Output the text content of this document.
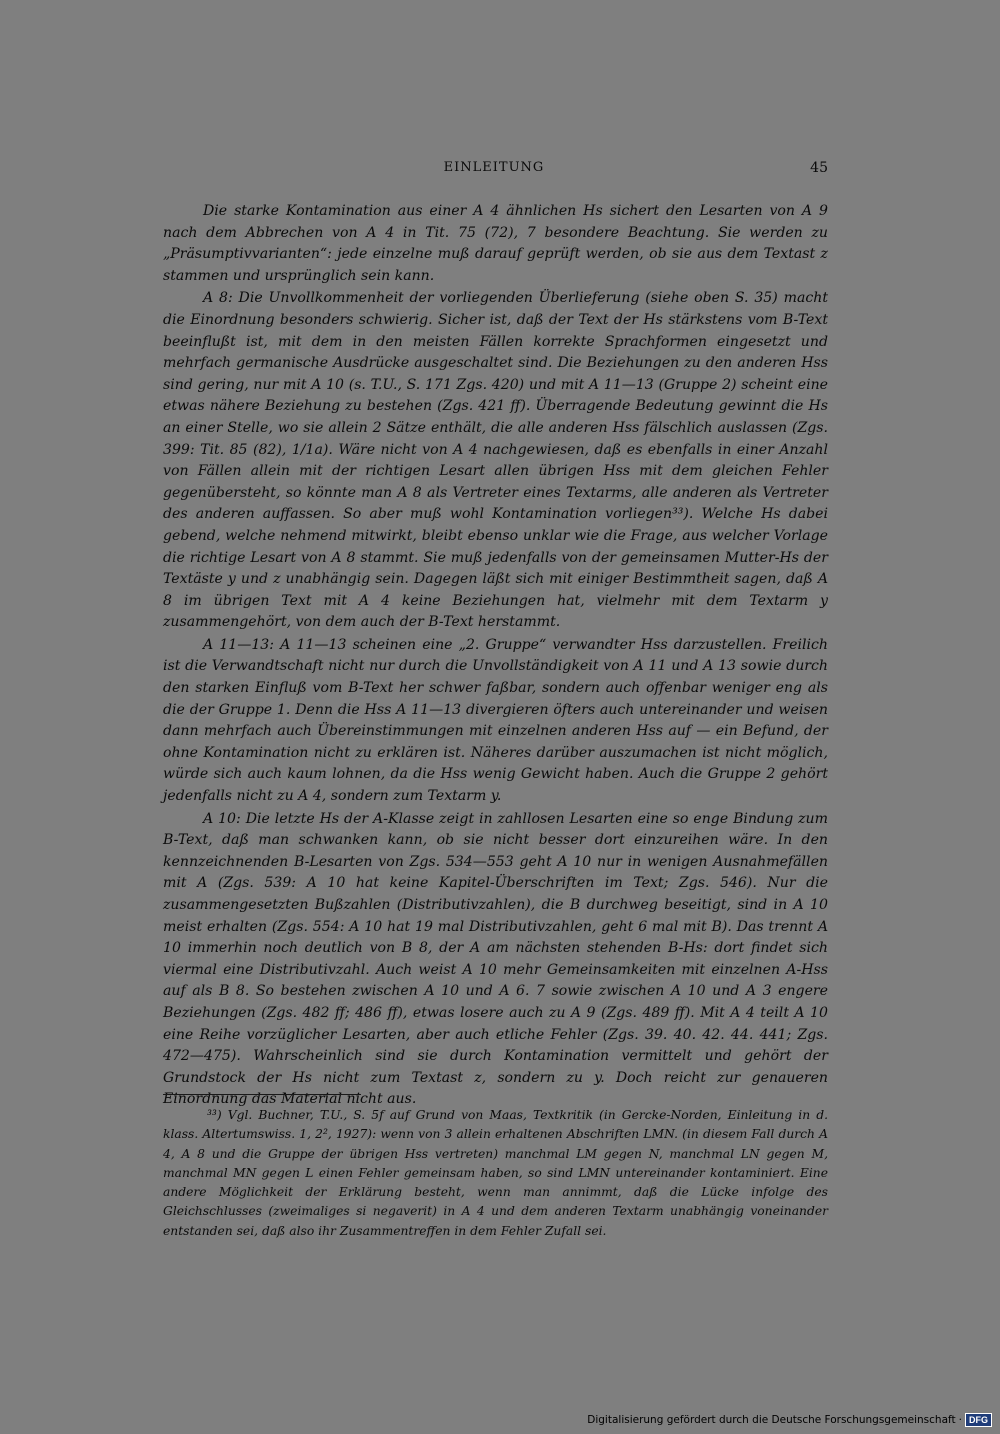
EINLEITUNG	45

Die starke Kontamination aus einer A 4 ähnlichen Hs sichert den Lesarten von A 9 nach dem Abbrechen von A 4 in Tit. 75 (72), 7 besondere Beachtung. Sie werden zu „Präsumptivvarianten“: jede einzelne muß darauf geprüft werden, ob sie aus dem Textast z stammen und ursprünglich sein kann.

A 8: Die Unvollkommenheit der vorliegenden Überlieferung (siehe oben S. 35) macht die Einordnung besonders schwierig. Sicher ist, daß der Text der Hs stärkstens vom B-Text beeinflußt ist, mit dem in den meisten Fällen korrekte Sprachformen eingesetzt und mehrfach germanische Ausdrücke ausgeschaltet sind. Die Beziehungen zu den anderen Hss sind gering, nur mit A 10 (s. T.U., S. 171 Zgs. 420) und mit A 11—13 (Gruppe 2) scheint eine etwas nähere Beziehung zu bestehen (Zgs. 421 ff). Überragende Bedeutung gewinnt die Hs an einer Stelle, wo sie allein 2 Sätze enthält, die alle anderen Hss fälschlich auslassen (Zgs. 399: Tit. 85 (82), 1/1a). Wäre nicht von A 4 nachgewiesen, daß es ebenfalls in einer Anzahl von Fällen allein mit der richtigen Lesart allen übrigen Hss mit dem gleichen Fehler gegenübersteht, so könnte man A 8 als Vertreter eines Textarms, alle anderen als Vertreter des anderen auffassen. So aber muß wohl Kontamination vorliegen³³). Welche Hs dabei gebend, welche nehmend mitwirkt, bleibt ebenso unklar wie die Frage, aus welcher Vorlage die richtige Lesart von A 8 stammt. Sie muß jedenfalls von der gemeinsamen Mutter-Hs der Textäste y und z unabhängig sein. Dagegen läßt sich mit einiger Bestimmtheit sagen, daß A 8 im übrigen Text mit A 4 keine Beziehungen hat, vielmehr mit dem Textarm y zusammengehört, von dem auch der B-Text herstammt.

A 11—13: A 11—13 scheinen eine „2. Gruppe“ verwandter Hss darzustellen. Freilich ist die Verwandtschaft nicht nur durch die Unvollständigkeit von A 11 und A 13 sowie durch den starken Einfluß vom B-Text her schwer faßbar, sondern auch offenbar weniger eng als die der Gruppe 1. Denn die Hss A 11—13 divergieren öfters auch untereinander und weisen dann mehrfach auch Übereinstimmungen mit einzelnen anderen Hss auf — ein Befund, der ohne Kontamination nicht zu erklären ist. Näheres darüber auszumachen ist nicht möglich, würde sich auch kaum lohnen, da die Hss wenig Gewicht haben. Auch die Gruppe 2 gehört jedenfalls nicht zu A 4, sondern zum Textarm y.

A 10: Die letzte Hs der A-Klasse zeigt in zahllosen Lesarten eine so enge Bindung zum B-Text, daß man schwanken kann, ob sie nicht besser dort einzureihen wäre. In den kennzeichnenden B-Lesarten von Zgs. 534—553 geht A 10 nur in wenigen Ausnahmefällen mit A (Zgs. 539: A 10 hat keine Kapitel-Überschriften im Text; Zgs. 546). Nur die zusammengesetzten Bußzahlen (Distributivzahlen), die B durchweg beseitigt, sind in A 10 meist erhalten (Zgs. 554: A 10 hat 19 mal Distributivzahlen, geht 6 mal mit B). Das trennt A 10 immerhin noch deutlich von B 8, der A am nächsten stehenden B-Hs: dort findet sich viermal eine Distributivzahl. Auch weist A 10 mehr Gemeinsamkeiten mit einzelnen A-Hss auf als B 8. So bestehen zwischen A 10 und A 6. 7 sowie zwischen A 10 und A 3 engere Beziehungen (Zgs. 482 ff; 486 ff), etwas losere auch zu A 9 (Zgs. 489 ff). Mit A 4 teilt A 10 eine Reihe vorzüglicher Lesarten, aber auch etliche Fehler (Zgs. 39. 40. 42. 44. 441; Zgs. 472—475). Wahrscheinlich sind sie durch Kontamination vermittelt und gehört der Grundstock der Hs nicht zum Textast z, sondern zu y. Doch reicht zur genaueren Einordnung das Material nicht aus.

³³) Vgl. Buchner, T.U., S. 5f auf Grund von Maas, Textkritik (in Gercke-Norden, Einleitung in d. klass. Altertumswiss. 1, 2², 1927): wenn von 3 allein erhaltenen Abschriften LMN. (in diesem Fall durch A 4, A 8 und die Gruppe der übrigen Hss vertreten) manchmal LM gegen N, manchmal LN gegen M, manchmal MN gegen L einen Fehler gemeinsam haben, so sind LMN untereinander kontaminiert. Eine andere Möglichkeit der Erklärung besteht, wenn man annimmt, daß die Lücke infolge des Gleichschlusses (zweimaliges si negaverit) in A 4 und dem anderen Textarm unabhängig voneinander entstanden sei, daß also ihr Zusammentreffen in dem Fehler Zufall sei.

Digitalisierung gefördert durch die Deutsche Forschungsgemeinschaft · DFG
